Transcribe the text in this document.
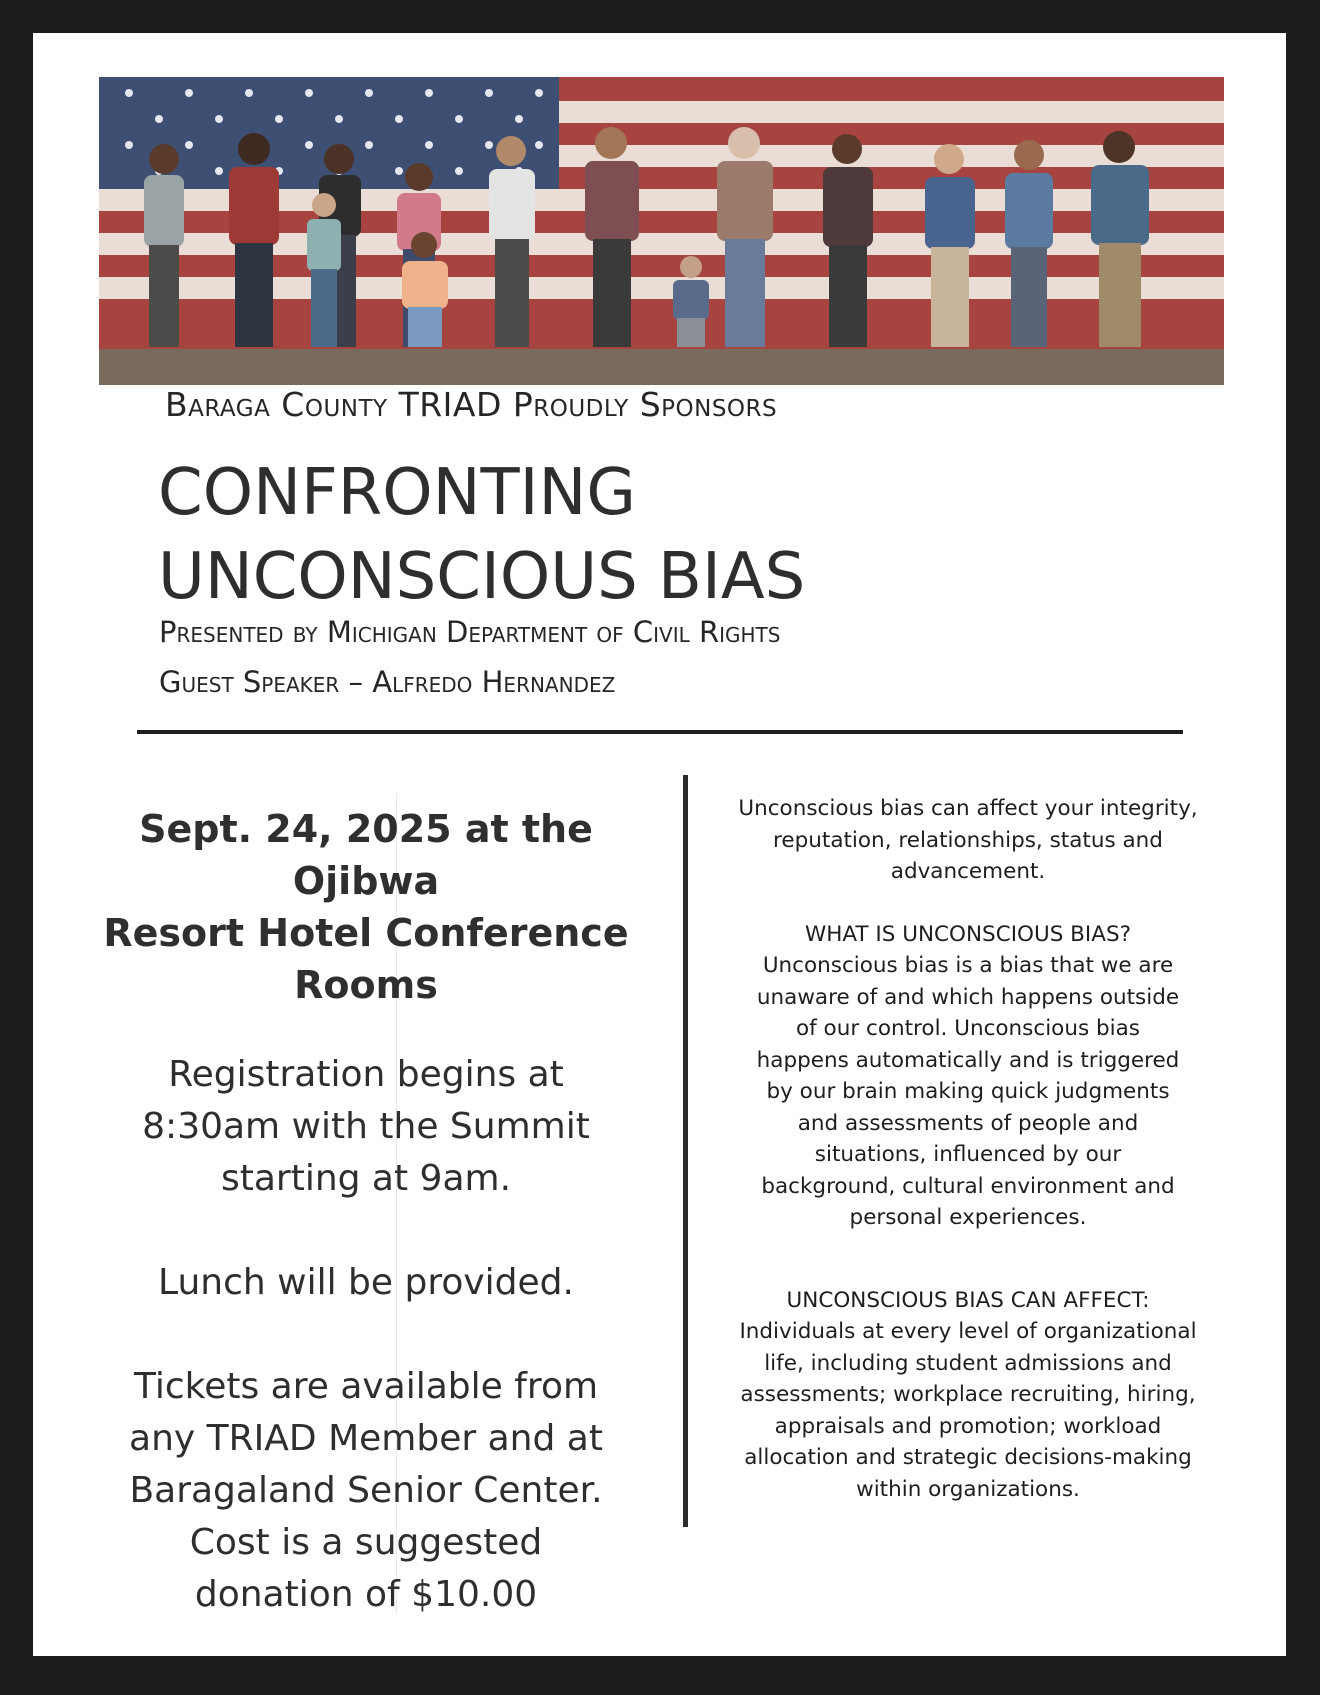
Baraga County TRIAD Proudly Sponsors
CONFRONTING
UNCONSCIOUS BIAS
Presented by Michigan Department of Civil Rights
Guest Speaker – Alfredo Hernandez

Sept. 24, 2025 at the Ojibwa

Resort Hotel Conference

Rooms

Registration begins at

8:30am with the Summit

starting at 9am.

Lunch will be provided.

Tickets are available from

any TRIAD Member and at

Baragaland Senior Center.

Cost is a suggested

donation of $10.00

Unconscious bias can affect your integrity,

reputation, relationships, status and

advancement.

WHAT IS UNCONSCIOUS BIAS?

Unconscious bias is a bias that we are

unaware of and which happens outside

of our control. Unconscious bias

happens automatically and is triggered

by our brain making quick judgments

and assessments of people and

situations, influenced by our

background, cultural environment and

personal experiences.

UNCONSCIOUS BIAS CAN AFFECT:

Individuals at every level of organizational

life, including student admissions and

assessments; workplace recruiting, hiring,

appraisals and promotion; workload

allocation and strategic decisions-making

within organizations.
